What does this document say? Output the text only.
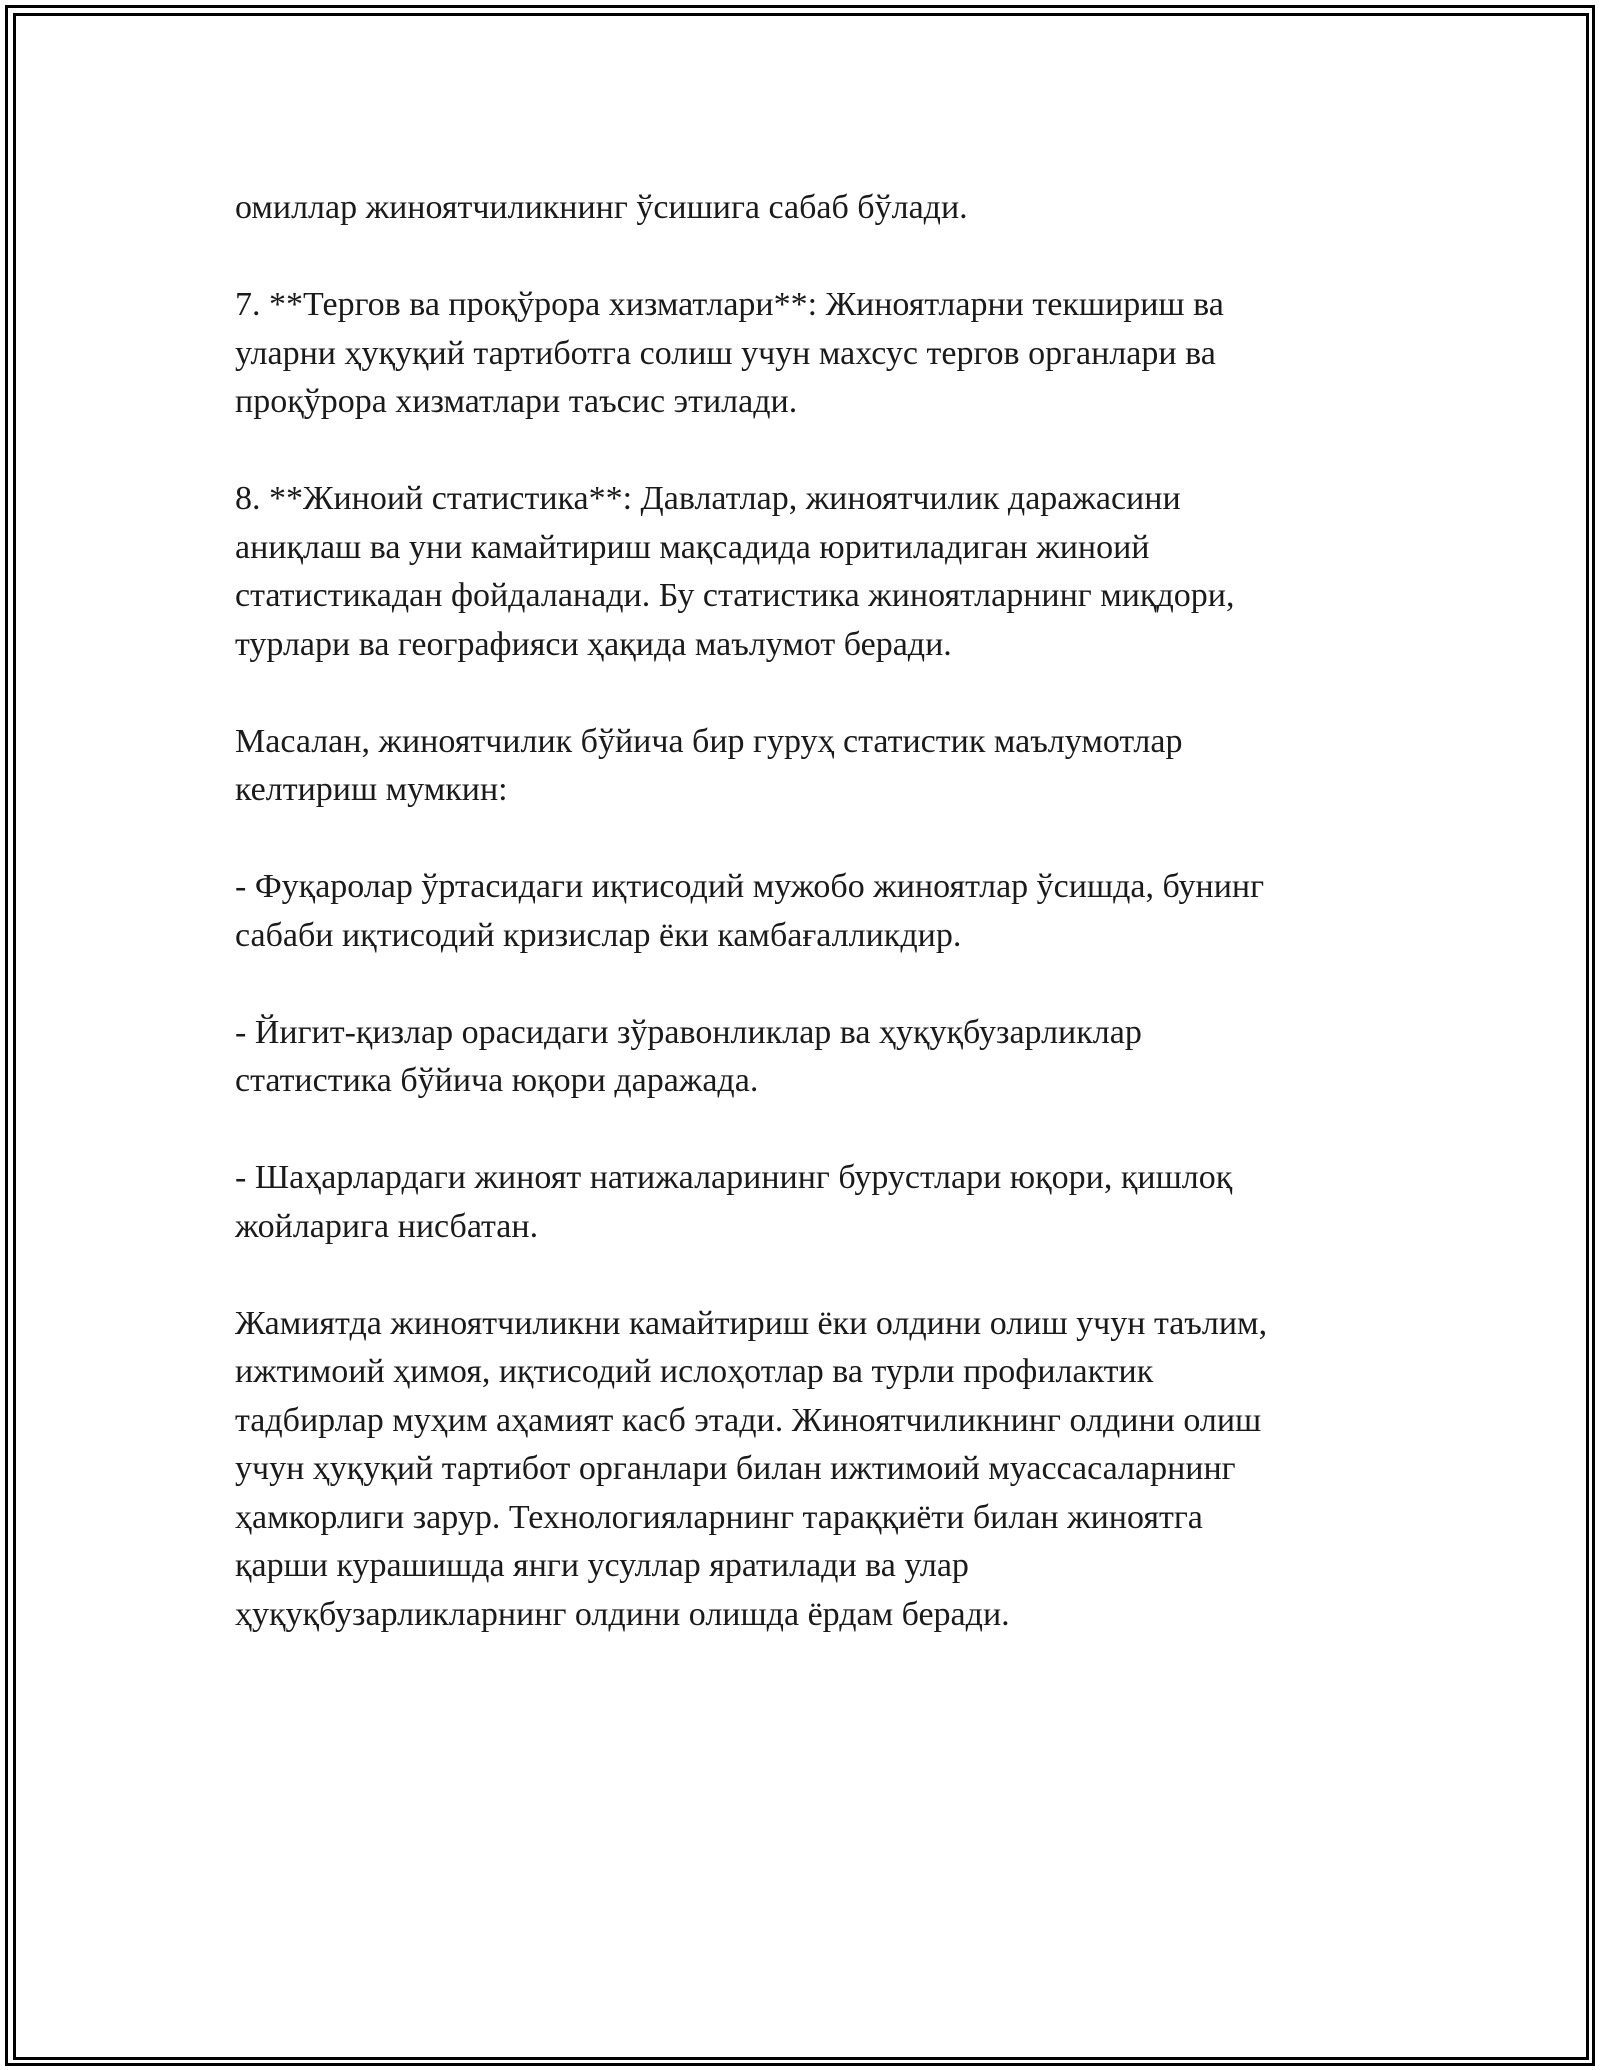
омиллар жиноятчиликнинг ўсишига сабаб бўлади.

7. **Тергов ва проқўрора хизматлари**: Жиноятларни текшириш ва
уларни ҳуқуқий тартиботга солиш учун махсус тергов органлари ва
проқўрора хизматлари таъсис этилади.

8. **Жиноий статистика**: Давлатлар, жиноятчилик даражасини
аниқлаш ва уни камайтириш мақсадида юритиладиган жиноий
статистикадан фойдаланади. Бу статистика жиноятларнинг миқдори,
турлари ва географияси ҳақида маълумот беради.

Масалан, жиноятчилик бўйича бир гуруҳ статистик маълумотлар
келтириш мумкин:

- Фуқаролар ўртасидаги иқтисодий мужобо жиноятлар ўсишда, бунинг
сабаби иқтисодий кризислар ёки камбағалликдир.

- Йигит-қизлар орасидаги зўравонликлар ва ҳуқуқбузарликлар
статистика бўйича юқори даражада.

- Шаҳарлардаги жиноят натижаларининг бурустлари юқори, қишлоқ
жойларига нисбатан.

Жамиятда жиноятчиликни камайтириш ёки олдини олиш учун таълим,
ижтимоий ҳимоя, иқтисодий ислоҳотлар ва турли профилактик
тадбирлар муҳим аҳамият касб этади. Жиноятчиликнинг олдини олиш
учун ҳуқуқий тартибот органлари билан ижтимоий муассасаларнинг
ҳамкорлиги зарур. Технологияларнинг тараққиёти билан жиноятга
қарши курашишда янги усуллар яратилади ва улар
ҳуқуқбузарликларнинг олдини олишда ёрдам беради.
